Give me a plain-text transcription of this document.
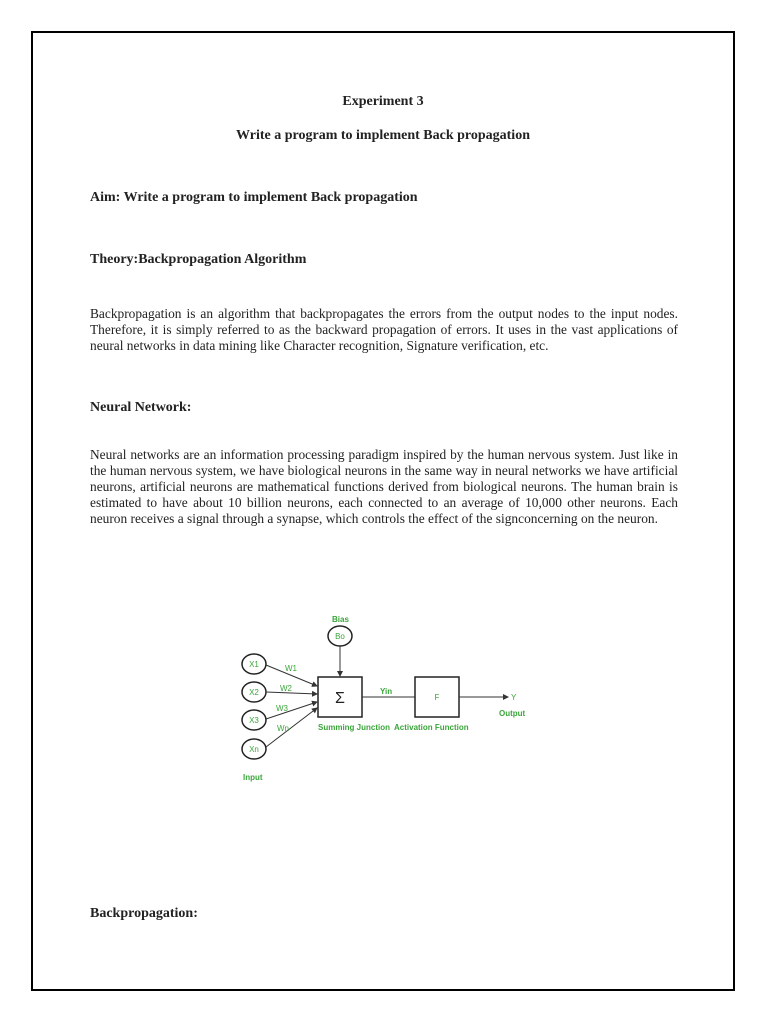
Experiment 3
Write a program to implement Back propagation
Aim: Write a program to implement Back propagation
Theory:Backpropagation Algorithm
Backpropagation is an algorithm that backpropagates the errors from the output nodes to the input nodes. Therefore, it is simply referred to as the backward propagation of errors. It uses in the vast applications of neural networks in data mining like Character recognition, Signature verification, etc.
Neural Network:
Neural networks are an information processing paradigm inspired by the human nervous system. Just like in the human nervous system, we have biological neurons in the same way in neural networks we have artificial neurons, artificial neurons are mathematical functions derived from biological neurons. The human brain is estimated to have about 10 billion neurons, each connected to an average of 10,000 other neurons. Each neuron receives a signal through a synapse, which controls the effect of the signconcerning on the neuron.
Bias
Bo
X1
X2
X3
Xn
W1
W2
W3
Wn
Σ	Yin
F	Y
Output
Summing Junction Activation Function
Input
Backpropagation:
